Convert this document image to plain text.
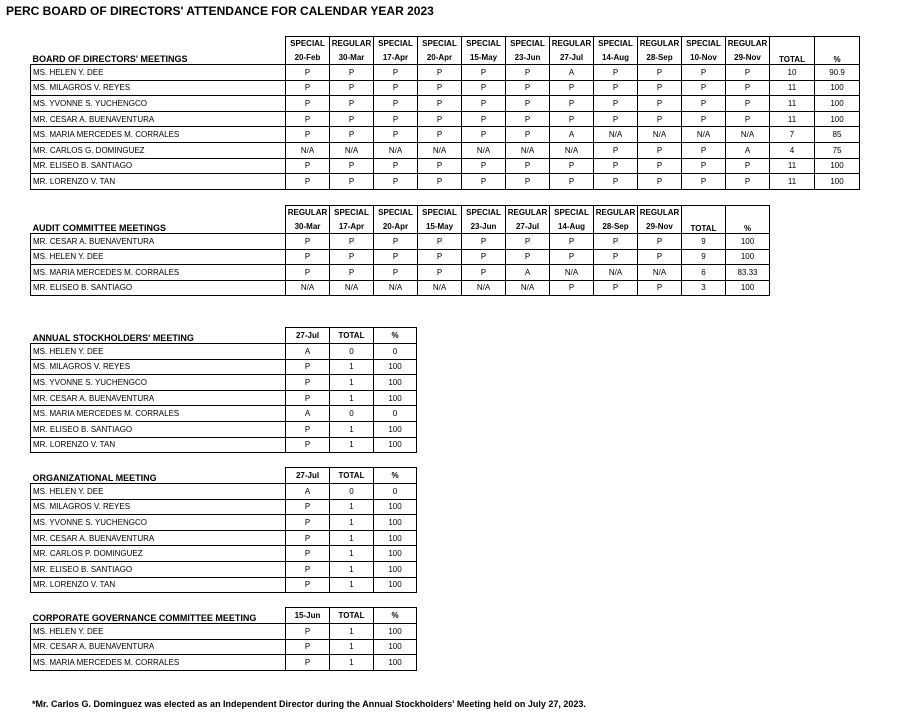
PERC BOARD OF DIRECTORS' ATTENDANCE FOR CALENDAR YEAR 2023
	SPECIAL	REGULAR	SPECIAL	SPECIAL	SPECIAL	SPECIAL	REGULAR	SPECIAL	REGULAR	SPECIAL	REGULAR	TOTAL	%
BOARD OF DIRECTORS' MEETINGS	20-Feb	30-Mar	17-Apr	20-Apr	15-May	23-Jun	27-Jul	14-Aug	28-Sep	10-Nov	29-Nov		
MS. HELEN Y. DEE	P	P	P	P	P	P	A	P	P	P	P	10	90.9
MS. MILAGROS V. REYES	P	P	P	P	P	P	P	P	P	P	P	11	100
MS. YVONNE S. YUCHENGCO	P	P	P	P	P	P	P	P	P	P	P	11	100
MR. CESAR A. BUENAVENTURA	P	P	P	P	P	P	P	P	P	P	P	11	100
MS. MARIA MERCEDES M. CORRALES	P	P	P	P	P	P	A	N/A	N/A	N/A	N/A	7	85
MR. CARLOS G. DOMINGUEZ	N/A	N/A	N/A	N/A	N/A	N/A	N/A	P	P	P	A	4	75
MR. ELISEO B. SANTIAGO	P	P	P	P	P	P	P	P	P	P	P	11	100
MR. LORENZO V. TAN	P	P	P	P	P	P	P	P	P	P	P	11	100
	REGULAR	SPECIAL	SPECIAL	SPECIAL	SPECIAL	REGULAR	SPECIAL	REGULAR	REGULAR	TOTAL	%
AUDIT COMMITTEE MEETINGS	30-Mar	17-Apr	20-Apr	15-May	23-Jun	27-Jul	14-Aug	28-Sep	29-Nov		
MR. CESAR A. BUENAVENTURA	P	P	P	P	P	P	P	P	P	9	100
MS. HELEN Y. DEE	P	P	P	P	P	P	P	P	P	9	100
MS. MARIA MERCEDES M. CORRALES	P	P	P	P	P	A	N/A	N/A	N/A	6	83.33
MR. ELISEO B. SANTIAGO	N/A	N/A	N/A	N/A	N/A	N/A	P	P	P	3	100
ANNUAL STOCKHOLDERS' MEETING	27-Jul	TOTAL	%
MS. HELEN Y. DEE	A	0	0
MS. MILAGROS V. REYES	P	1	100
MS. YVONNE S. YUCHENGCO	P	1	100
MR. CESAR A. BUENAVENTURA	P	1	100
MS. MARIA MERCEDES M. CORRALES	A	0	0
MR. ELISEO B. SANTIAGO	P	1	100
MR. LORENZO V. TAN	P	1	100
ORGANIZATIONAL MEETING	27-Jul	TOTAL	%
MS. HELEN Y. DEE	A	0	0
MS. MILAGROS V. REYES	P	1	100
MS. YVONNE S. YUCHENGCO	P	1	100
MR. CESAR A. BUENAVENTURA	P	1	100
MR. CARLOS P. DOMINGUEZ	P	1	100
MR. ELISEO B. SANTIAGO	P	1	100
MR. LORENZO V. TAN	P	1	100
CORPORATE GOVERNANCE COMMITTEE MEETING	15-Jun	TOTAL	%
MS. HELEN Y. DEE	P	1	100
MR. CESAR A. BUENAVENTURA	P	1	100
MS. MARIA MERCEDES M. CORRALES	P	1	100
*Mr. Carlos G. Dominguez was elected as an Independent Director during the Annual Stockholders' Meeting held on July 27, 2023.
